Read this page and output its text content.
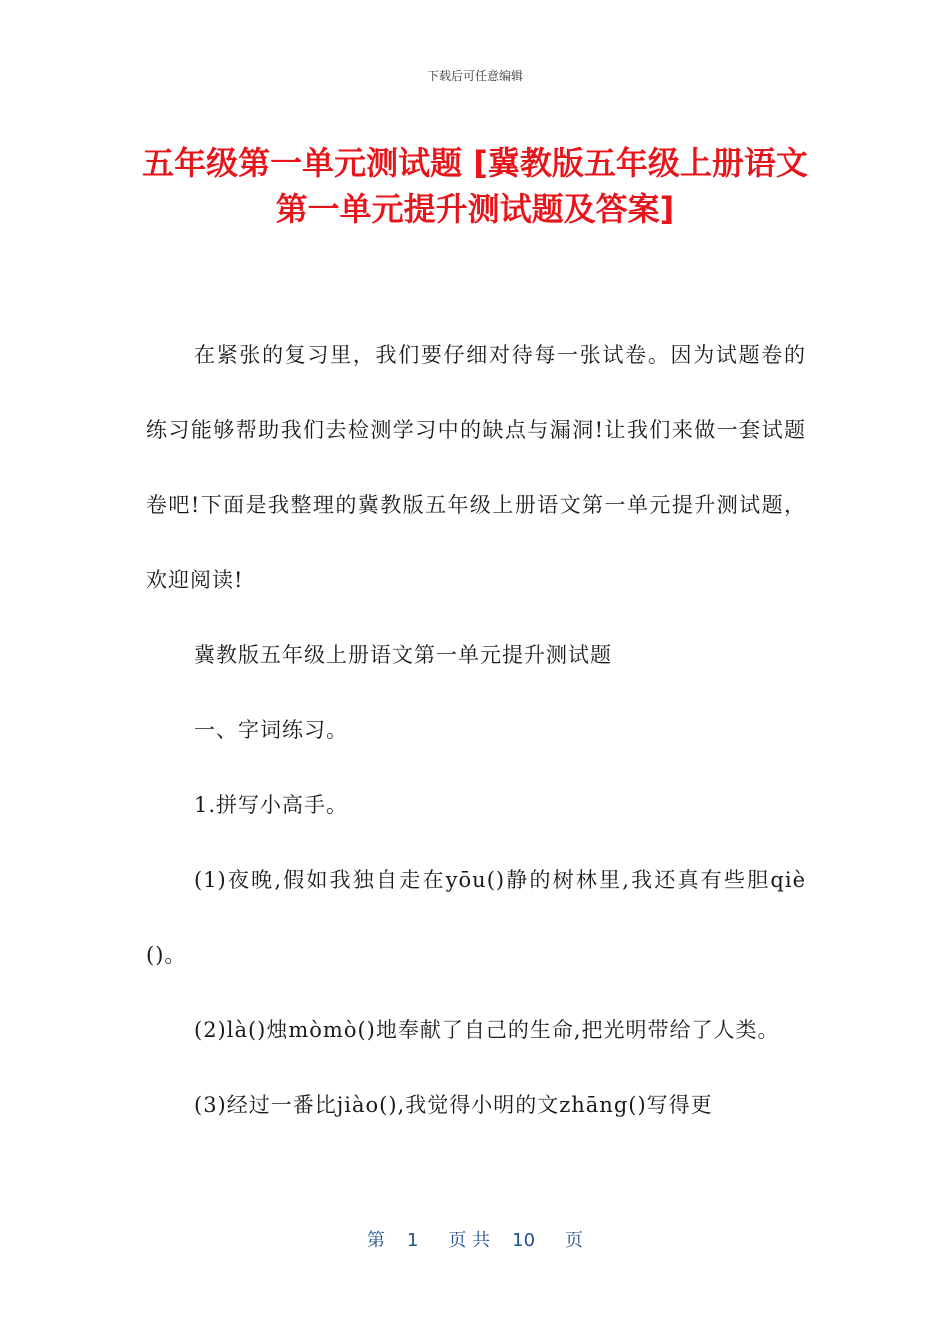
下载后可任意编辑
五年级第一单元测试题 [冀教版五年级上册语文第一单元提升测试题及答案]

在紧张的复习里，我们要仔细对待每一张试卷。因为试题卷的练习能够帮助我们去检测学习中的缺点与漏洞!让我们来做一套试题卷吧!下面是我整理的冀教版五年级上册语文第一单元提升测试题，欢迎阅读!

冀教版五年级上册语文第一单元提升测试题

一、字词练习。

1.拼写小高手。

(1)夜晚,假如我独自走在yōu()静的树林里,我还真有些胆qiè()。

(2)là()烛mòmò()地奉献了自己的生命,把光明带给了人类。

(3)经过一番比jiào(),我觉得小明的文zhāng()写得更

第 1 页 共 10 页
